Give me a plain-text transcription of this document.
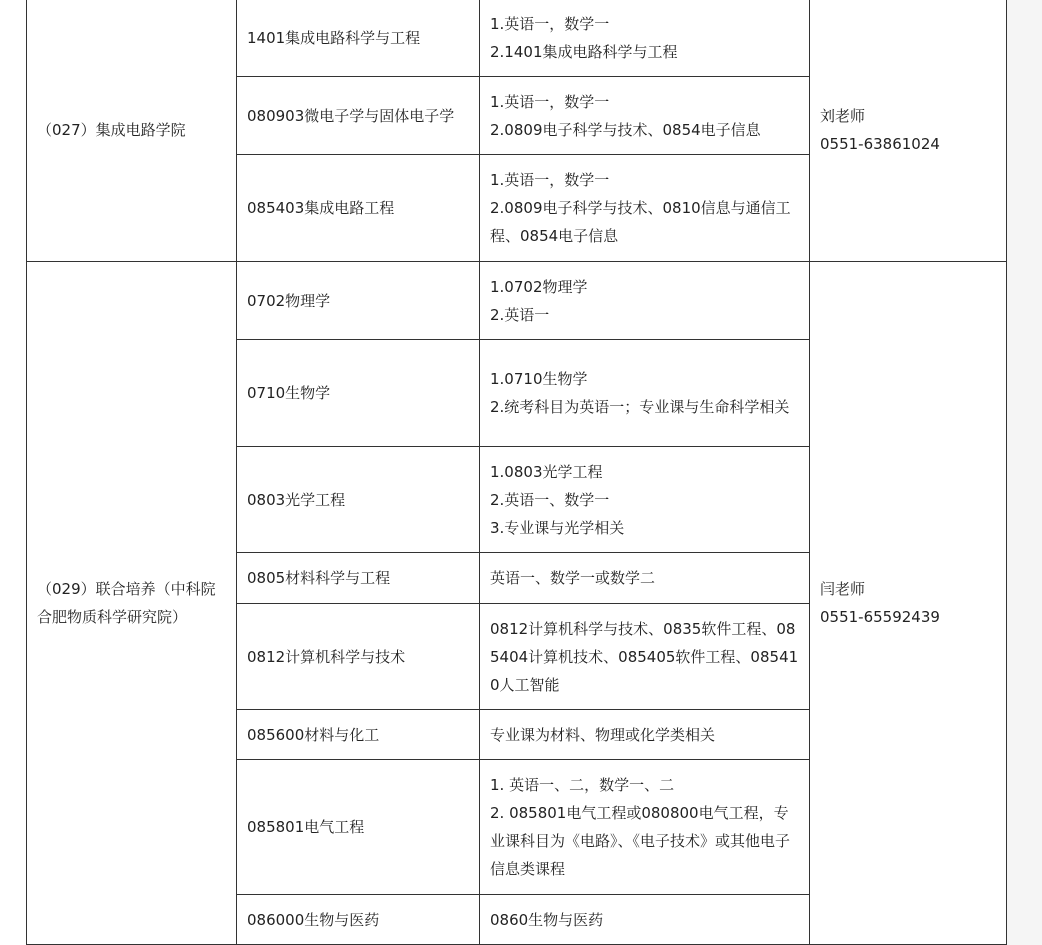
（027）集成电路学院	1401集成电路科学与工程	1.英语一，数学一
2.1401集成电路科学与工程	刘老师
0551-63861024

	080903微电子学与固体电子学	1.英语一，数学一
2.0809电子科学与技术、0854电子信息	

	085403集成电路工程	1.英语一，数学一
2.0809电子科学与技术、0810信息与通信工程、0854电子信息	

（029）联合培养（中科院合肥物质科学研究院）	0702物理学	1.0702物理学
2.英语一	闫老师
0551-65592439

	0710生物学	1.0710生物学
2.统考科目为英语一；专业课与生命科学相关	

	0803光学工程	1.0803光学工程
2.英语一、数学一
3.专业课与光学相关	

	0805材料科学与工程	英语一、数学一或数学二	

	0812计算机科学与技术	0812计算机科学与技术、0835软件工程、085404计算机技术、085405软件工程、085410人工智能	

	085600材料与化工	专业课为材料、物理或化学类相关	

	085801电气工程	1. 英语一、二，数学一、二
2. 085801电气工程或080800电气工程，专业课科目为《电路》、《电子技术》或其他电子信息类课程	

	086000生物与医药	0860生物与医药	
